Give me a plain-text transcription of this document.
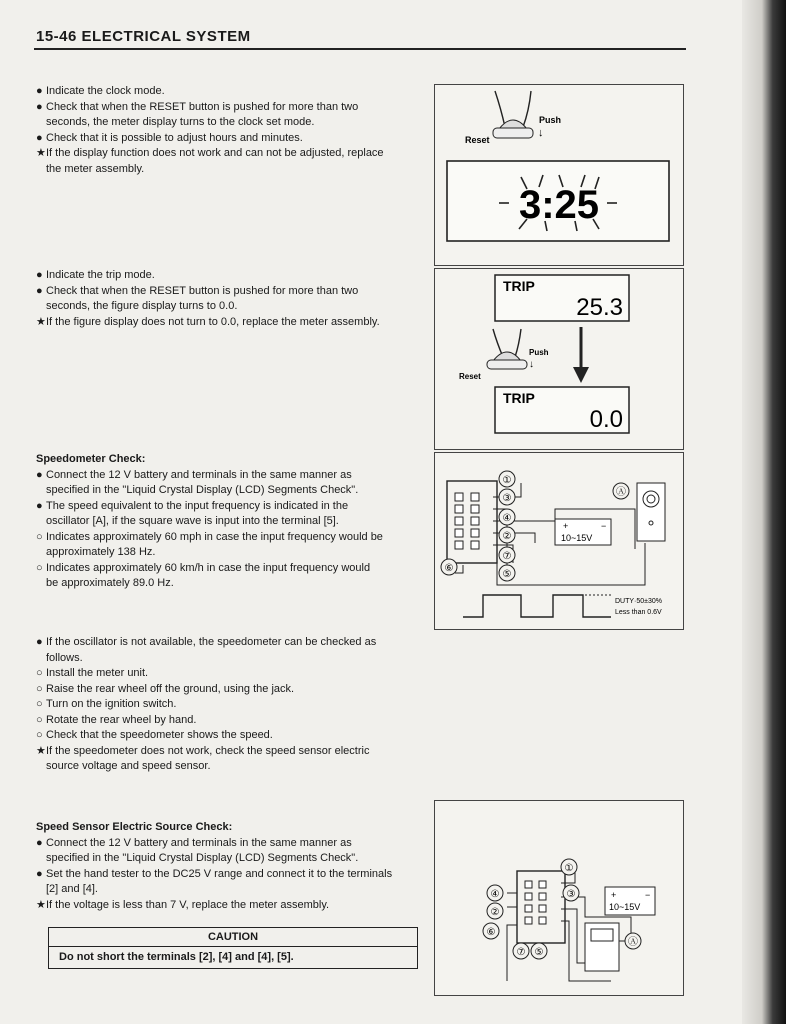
15-46 ELECTRICAL SYSTEM
● Indicate the clock mode.
● Check that when the RESET button is pushed for more than two
seconds, the meter display turns to the clock set mode.
● Check that it is possible to adjust hours and minutes.
★If the display function does not work and can not be adjusted, replace
the meter assembly.
● Indicate the trip mode.
● Check that when the RESET button is pushed for more than two
seconds, the figure display turns to 0.0.
★If the figure display does not turn to 0.0, replace the meter assembly.
Speedometer Check:
● Connect the 12 V battery and terminals in the same manner as
specified in the "Liquid Crystal Display (LCD) Segments Check".
● The speed equivalent to the input frequency is indicated in the
oscillator [A], if the square wave is input into the terminal [5].
○ Indicates approximately 60 mph in case the input frequency would be
approximately 138 Hz.
○ Indicates approximately 60 km/h in case the input frequency would
be approximately 89.0 Hz.
● If the oscillator is not available, the speedometer can be checked as
follows.
○ Install the meter unit.
○ Raise the rear wheel off the ground, using the jack.
○ Turn on the ignition switch.
○ Rotate the rear wheel by hand.
○ Check that the speedometer shows the speed.
★If the speedometer does not work, check the speed sensor electric
source voltage and speed sensor.
Speed Sensor Electric Source Check:
● Connect the 12 V battery and terminals in the same manner as
specified in the "Liquid Crystal Display (LCD) Segments Check".
● Set the hand tester to the DC25 V range and connect it to the terminals
[2] and [4].
★If the voltage is less than 7 V, replace the meter assembly.
CAUTION
Do not short the terminals [2], [4] and [4], [5].
Push
↓
Reset
3:25
TRIP
25.3
Push
↓
Reset
TRIP
0.0
①
③
④
②
⑦
⑤
⑥
+	−
10~15V
Ⓐ
DUTY·50±30%
Less than 0.6V
①
④	③
②
⑥
⑦ ⑤
+	−
10~15V
Ⓐ
